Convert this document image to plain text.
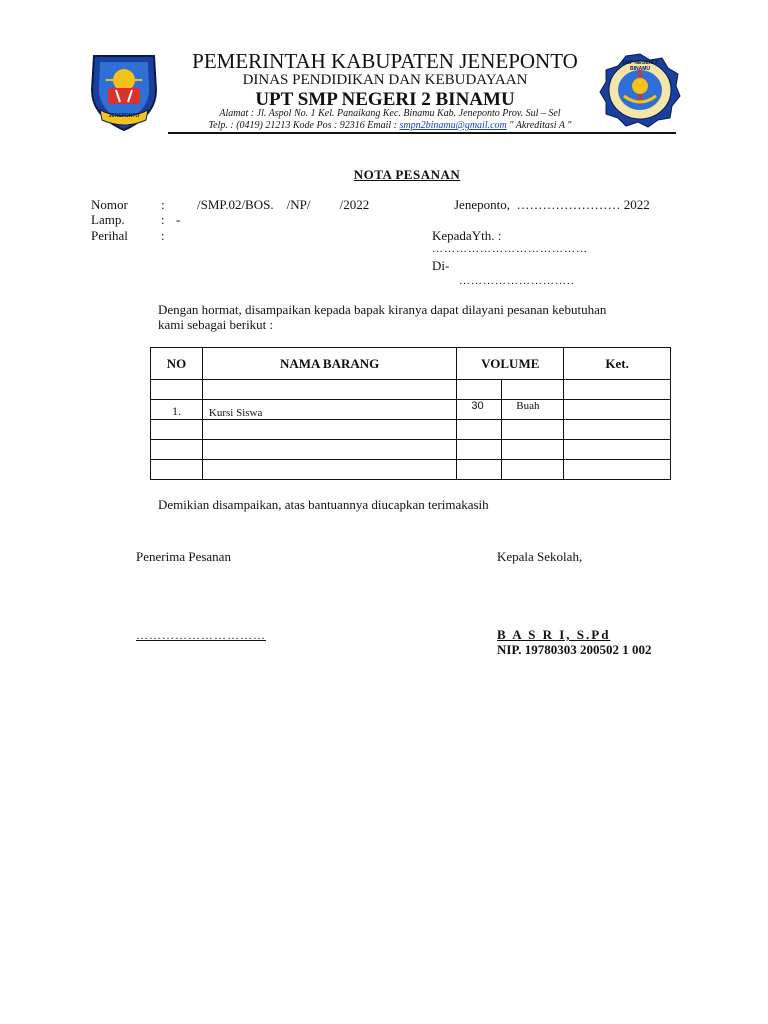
JENEPONTO
SMP NEGERI 2 BINAMU
PEMERINTAH KABUPATEN JENEPONTO
DINAS PENDIDIKAN DAN KEBUDAYAAN
UPT SMP NEGERI 2 BINAMU
Alamat : Jl. Aspol No. 1 Kel. Panaikang Kec. Binamu Kab. Jeneponto Prov. Sul – Sel
Telp. : (0419) 21213 Kode Pos : 92316 Email : smpn2binamu@gmail.com " Akreditasi A "
NOTA PESANAN
Nomor	: /SMP.02/BOS.    /NP/         /2022	Jeneponto,  …………………… 2022
Lamp.	: -
Perihal	:	KepadaYth. :
…………………………………
Di-
………………………..
Dengan hormat, disampaikan kepada bapak kiranya dapat dilayani pesanan kebutuhan
kami sebagai berikut :
NO	NAMA BARANG	VOLUME		Ket.

1.	Kursi Siswa	30	Buah	

Demikian disampaikan, atas bantuannya diucapkan terimakasih
Penerima Pesanan	Kepala Sekolah,
…………………………	B A S R I, S.Pd
NIP. 19780303 200502 1 002
